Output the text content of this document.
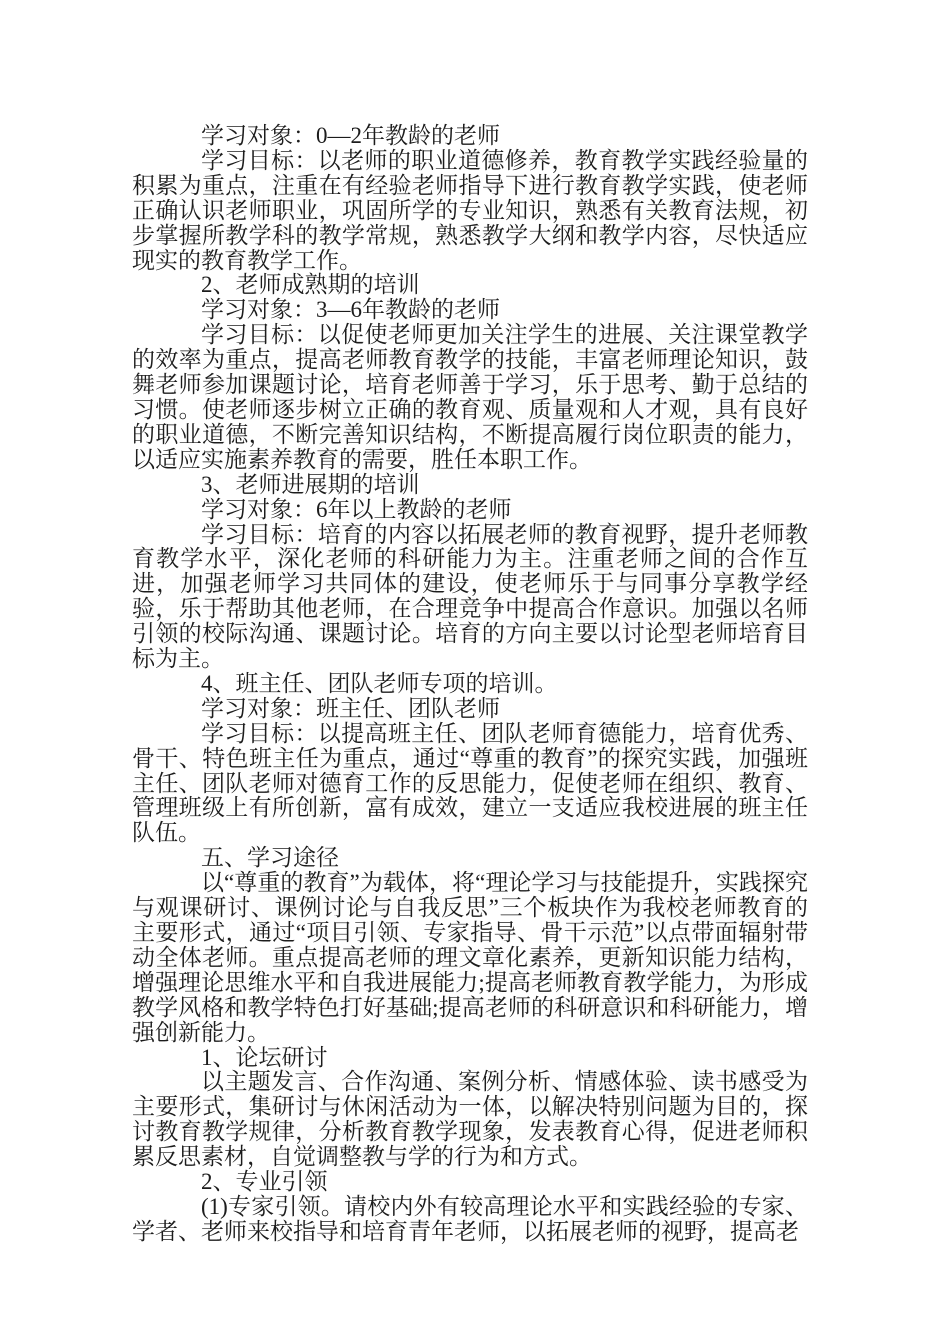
学习对象：0—2年教龄的老师

学习目标：以老师的职业道德修养，教育教学实践经验量的积累为重点，注重在有经验老师指导下进行教育教学实践，使老师正确认识老师职业，巩固所学的专业知识，熟悉有关教育法规，初步掌握所教学科的教学常规，熟悉教学大纲和教学内容，尽快适应现实的教育教学工作。

2、老师成熟期的培训

学习对象：3—6年教龄的老师

学习目标：以促使老师更加关注学生的进展、关注课堂教学的效率为重点，提高老师教育教学的技能，丰富老师理论知识，鼓舞老师参加课题讨论，培育老师善于学习，乐于思考、勤于总结的习惯。使老师逐步树立正确的教育观、质量观和人才观，具有良好的职业道德，不断完善知识结构，不断提高履行岗位职责的能力，以适应实施素养教育的需要，胜任本职工作。

3、老师进展期的培训

学习对象：6年以上教龄的老师

学习目标：培育的内容以拓展老师的教育视野，提升老师教育教学水平，深化老师的科研能力为主。注重老师之间的合作互进，加强老师学习共同体的建设，使老师乐于与同事分享教学经验，乐于帮助其他老师，在合理竞争中提高合作意识。加强以名师引领的校际沟通、课题讨论。培育的方向主要以讨论型老师培育目标为主。

4、班主任、团队老师专项的培训。

学习对象：班主任、团队老师

学习目标：以提高班主任、团队老师育德能力，培育优秀、骨干、特色班主任为重点，通过“尊重的教育”的探究实践，加强班主任、团队老师对德育工作的反思能力，促使老师在组织、教育、管理班级上有所创新，富有成效，建立一支适应我校进展的班主任队伍。

五、学习途径

以“尊重的教育”为载体，将“理论学习与技能提升，实践探究与观课研讨、课例讨论与自我反思”三个板块作为我校老师教育的主要形式，通过“项目引领、专家指导、骨干示范”以点带面辐射带动全体老师。重点提高老师的理文章化素养，更新知识能力结构，增强理论思维水平和自我进展能力;提高老师教育教学能力，为形成教学风格和教学特色打好基础;提高老师的科研意识和科研能力，增强创新能力。

1、论坛研讨

以主题发言、合作沟通、案例分析、情感体验、读书感受为主要形式，集研讨与休闲活动为一体，以解决特别问题为目的，探讨教育教学规律，分析教育教学现象，发表教育心得，促进老师积累反思素材，自觉调整教与学的行为和方式。

2、专业引领

(1)专家引领。请校内外有较高理论水平和实践经验的专家、学者、老师来校指导和培育青年老师，以拓展老师的视野，提高老
